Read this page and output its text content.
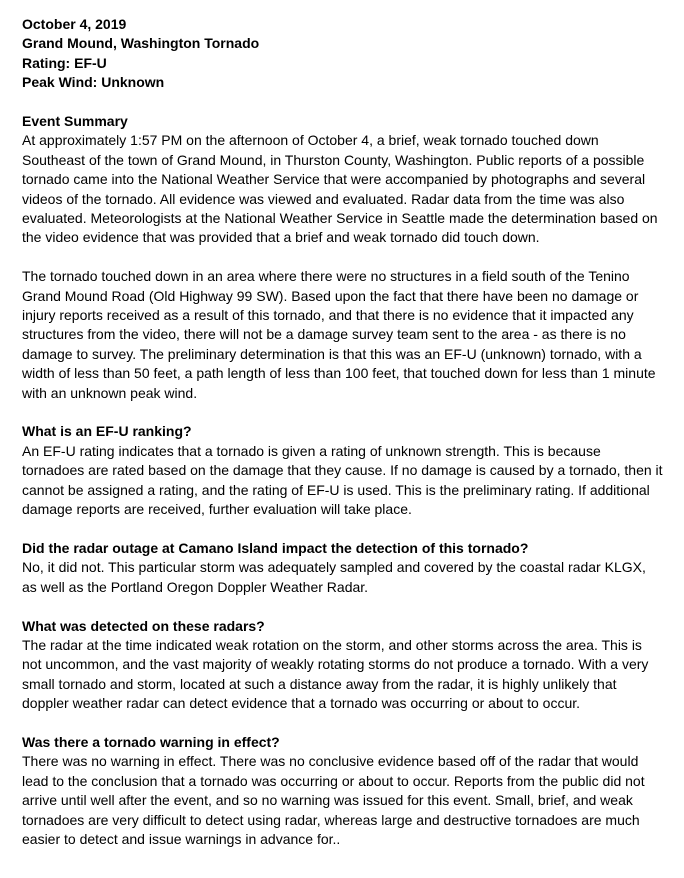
October 4, 2019

Grand Mound, Washington Tornado

Rating: EF-U

Peak Wind: Unknown

Event Summary

At approximately 1:57 PM on the afternoon of October 4, a brief, weak tornado touched down Southeast of the town of Grand Mound, in Thurston County, Washington. Public reports of a possible tornado came into the National Weather Service that were accompanied by photographs and several videos of the tornado. All evidence was viewed and evaluated. Radar data from the time was also evaluated. Meteorologists at the National Weather Service in Seattle made the determination based on the video evidence that was provided that a brief and weak tornado did touch down.

The tornado touched down in an area where there were no structures in a field south of the Tenino Grand Mound Road (Old Highway 99 SW). Based upon the fact that there have been no damage or injury reports received as a result of this tornado, and that there is no evidence that it impacted any structures from the video, there will not be a damage survey team sent to the area - as there is no damage to survey. The preliminary determination is that this was an EF-U (unknown) tornado, with a width of less than 50 feet, a path length of less than 100 feet, that touched down for less than 1 minute with an unknown peak wind.

What is an EF-U ranking?

An EF-U rating indicates that a tornado is given a rating of unknown strength. This is because tornadoes are rated based on the damage that they cause. If no damage is caused by a tornado, then it cannot be assigned a rating, and the rating of EF-U is used. This is the preliminary rating. If additional damage reports are received, further evaluation will take place.

Did the radar outage at Camano Island impact the detection of this tornado?

No, it did not. This particular storm was adequately sampled and covered by the coastal radar KLGX, as well as the Portland Oregon Doppler Weather Radar.

What was detected on these radars?

The radar at the time indicated weak rotation on the storm, and other storms across the area. This is not uncommon, and the vast majority of weakly rotating storms do not produce a tornado. With a very small tornado and storm, located at such a distance away from the radar, it is highly unlikely that doppler weather radar can detect evidence that a tornado was occurring or about to occur.

Was there a tornado warning in effect?

There was no warning in effect. There was no conclusive evidence based off of the radar that would lead to the conclusion that a tornado was occurring or about to occur. Reports from the public did not arrive until well after the event, and so no warning was issued for this event. Small, brief, and weak tornadoes are very difficult to detect using radar, whereas large and destructive tornadoes are much easier to detect and issue warnings in advance for..
